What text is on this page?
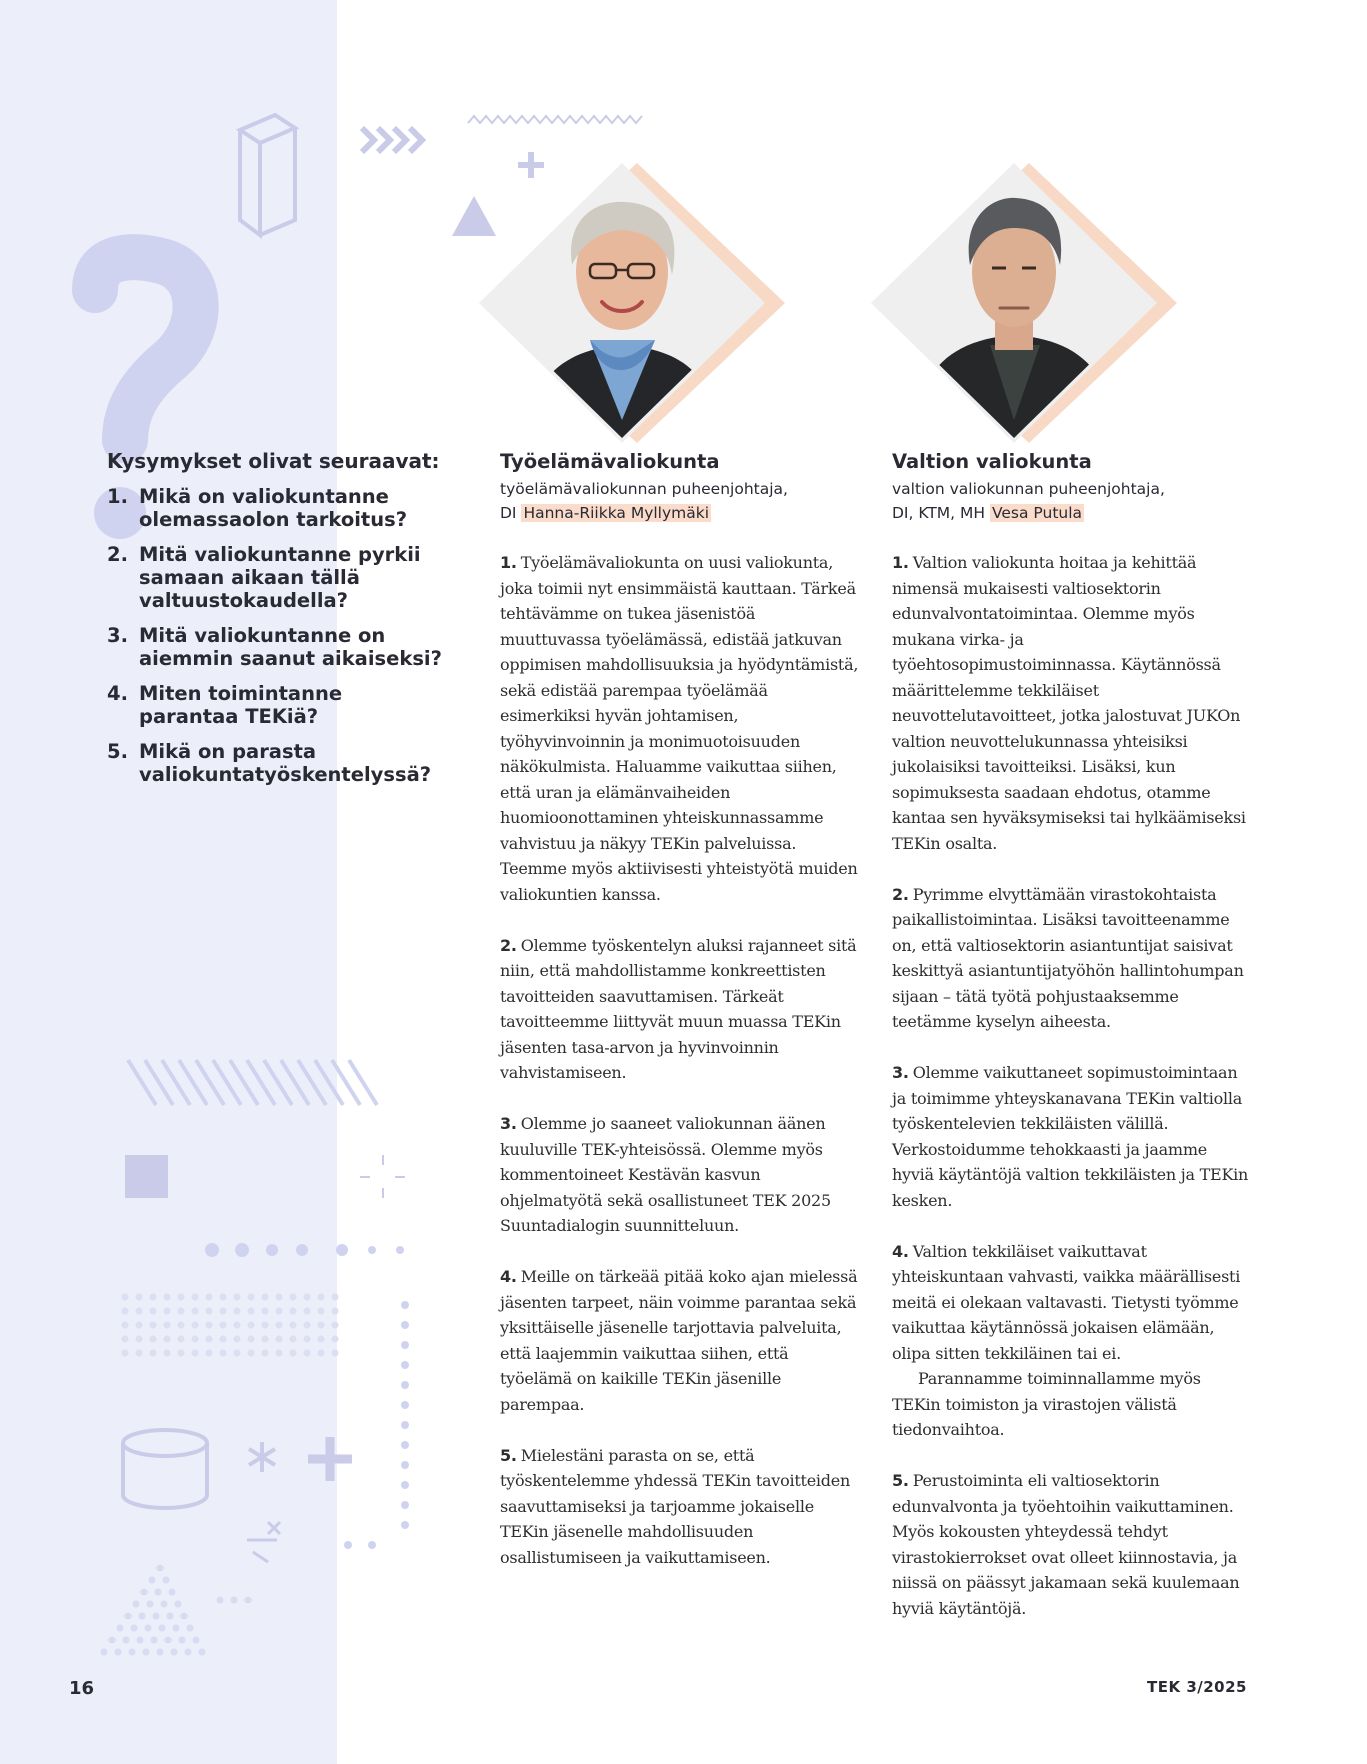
Kysymykset olivat seuraavat:

1. Mikä on valiokuntanne olemassaolon tarkoitus?
2. Mitä valiokuntanne pyrkii samaan aikaan tällä valtuustokaudella?
3. Mitä valiokuntanne on aiemmin saanut aikaiseksi?
4. Miten toimintanne parantaa TEKiä?
5. Mikä on parasta valiokuntatyöskentelyssä?
Työelämävaliokunta
työelämävaliokunnan puheenjohtaja,
DI Hanna-Riikka Myllymäki

1. Työelämävaliokunta on uusi valiokunta, joka toimii nyt ensimmäistä kauttaan. Tärkeä tehtävämme on tukea jäsenistöä muuttuvassa työelämässä, edistää jatkuvan oppimisen mahdollisuuksia ja hyödyntämistä, sekä edistää parempaa työelämää esimerkiksi hyvän johtamisen, työhyvinvoinnin ja monimuotoisuuden näkökulmista. Haluamme vaikuttaa siihen, että uran ja elämänvaiheiden huomioonottaminen yhteiskunnassamme vahvistuu ja näkyy TEKin palveluissa. Teemme myös aktiivisesti yhteistyötä muiden valiokuntien kanssa.

2. Olemme työskentelyn aluksi rajanneet sitä niin, että mahdollistamme konkreettisten tavoitteiden saavuttamisen. Tärkeät tavoitteemme liittyvät muun muassa TEKin jäsenten tasa-arvon ja hyvinvoinnin vahvistamiseen.

3. Olemme jo saaneet valiokunnan äänen kuuluville TEK-yhteisössä. Olemme myös kommentoineet Kestävän kasvun ohjelmatyötä sekä osallistuneet TEK 2025 Suuntadialogin suunnitteluun.

4. Meille on tärkeää pitää koko ajan mielessä jäsenten tarpeet, näin voimme parantaa sekä yksittäiselle jäsenelle tarjottavia palveluita, että laajemmin vaikuttaa siihen, että työelämä on kaikille TEKin jäsenille parempaa.

5. Mielestäni parasta on se, että työskentelemme yhdessä TEKin tavoitteiden saavuttamiseksi ja tarjoamme jokaiselle TEKin jäsenelle mahdollisuuden osallistumiseen ja vaikuttamiseen.

Valtion valiokunta
valtion valiokunnan puheenjohtaja,
DI, KTM, MH Vesa Putula

1. Valtion valiokunta hoitaa ja kehittää nimensä mukaisesti valtiosektorin edunvalvontatoimintaa. Olemme myös mukana virka- ja työehtosopimustoiminnassa. Käytännössä määrittelemme tekkiläiset neuvottelutavoitteet, jotka jalostuvat JUKOn valtion neuvottelukunnassa yhteisiksi jukolaisiksi tavoitteiksi. Lisäksi, kun sopimuksesta saadaan ehdotus, otamme kantaa sen hyväksymiseksi tai hylkäämiseksi TEKin osalta.

2. Pyrimme elvyttämään virastokohtaista paikallistoimintaa. Lisäksi tavoitteenamme on, että valtiosektorin asiantuntijat saisivat keskittyä asiantuntijatyöhön hallintohumpan sijaan – tätä työtä pohjustaaksemme teetämme kyselyn aiheesta.

3. Olemme vaikuttaneet sopimustoimintaan ja toimimme yhteyskanavana TEKin valtiolla työskentelevien tekkiläisten välillä. Verkostoidumme tehokkaasti ja jaamme hyviä käytäntöjä valtion tekkiläisten ja TEKin kesken.

4. Valtion tekkiläiset vaikuttavat yhteiskuntaan vahvasti, vaikka määrällisesti meitä ei olekaan valtavasti. Tietysti työmme vaikuttaa käytännössä jokaisen elämään, olipa sitten tekkiläinen tai ei.
Parannamme toiminnallamme myös TEKin toimiston ja virastojen välistä tiedonvaihtoa.

5. Perustoiminta eli valtiosektorin edunvalvonta ja työehtoihin vaikuttaminen. Myös kokousten yhteydessä tehdyt virastokierrokset ovat olleet kiinnostavia, ja niissä on päässyt jakamaan sekä kuulemaan hyviä käytäntöjä.

16	TEK 3/2025
